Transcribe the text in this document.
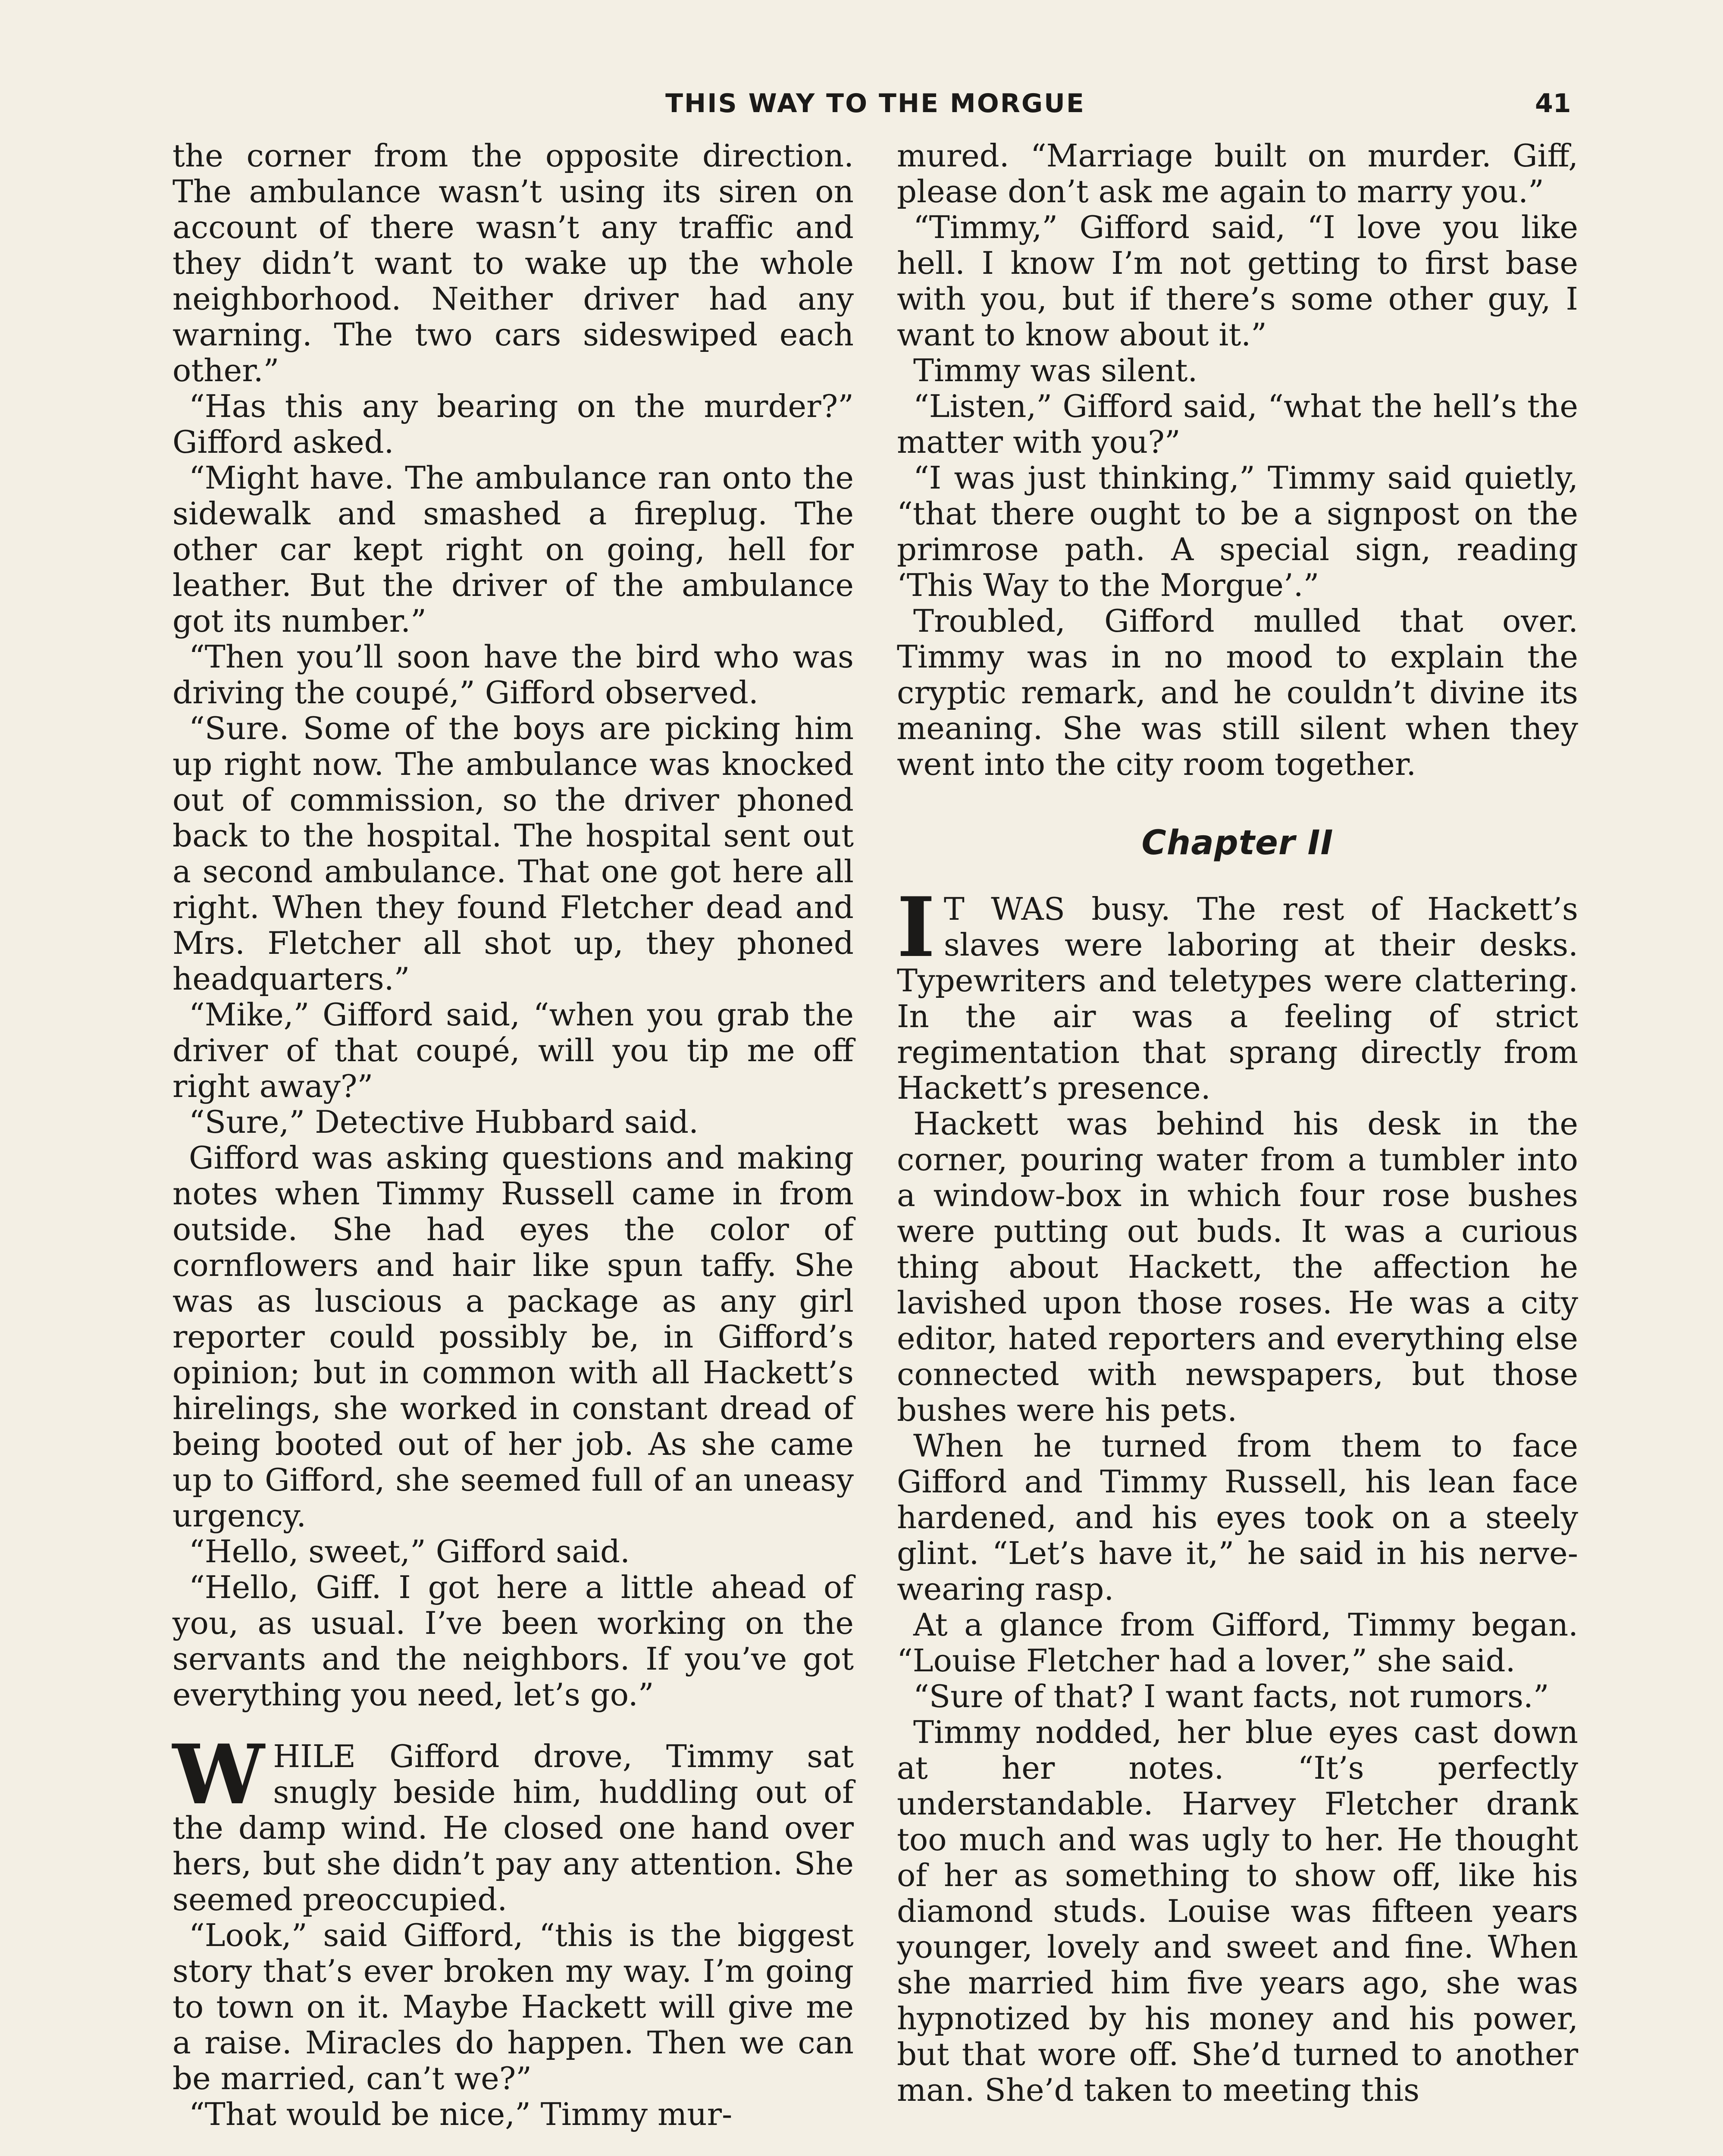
THIS WAY TO THE MORGUE	41

the corner from the opposite direction. The ambulance wasn’t using its siren on account of there wasn’t any traffic and they didn’t want to wake up the whole neighborhood. Neither driver had any warning. The two cars sideswiped each other.”

“Has this any bearing on the murder?” Gifford asked.

“Might have. The ambulance ran onto the sidewalk and smashed a fireplug. The other car kept right on going, hell for leather. But the driver of the ambulance got its number.”

“Then you’ll soon have the bird who was driving the coupé,” Gifford observed.

“Sure. Some of the boys are picking him up right now. The ambulance was knocked out of commission, so the driver phoned back to the hospital. The hospital sent out a second ambulance. That one got here all right. When they found Fletcher dead and Mrs. Fletcher all shot up, they phoned headquarters.”

“Mike,” Gifford said, “when you grab the driver of that coupé, will you tip me off right away?”

“Sure,” Detective Hubbard said.

Gifford was asking questions and making notes when Timmy Russell came in from outside. She had eyes the color of cornflowers and hair like spun taffy. She was as luscious a package as any girl reporter could possibly be, in Gifford’s opinion; but in common with all Hackett’s hirelings, she worked in constant dread of being booted out of her job. As she came up to Gifford, she seemed full of an uneasy urgency.

“Hello, sweet,” Gifford said.

“Hello, Giff. I got here a little ahead of you, as usual. I’ve been working on the servants and the neighbors. If you’ve got everything you need, let’s go.”

WHILE Gifford drove, Timmy sat snugly beside him, huddling out of the damp wind. He closed one hand over hers, but she didn’t pay any attention. She seemed preoccupied.

“Look,” said Gifford, “this is the biggest story that’s ever broken my way. I’m going to town on it. Maybe Hackett will give me a raise. Miracles do happen. Then we can be married, can’t we?”

“That would be nice,” Timmy mur-

mured. “Marriage built on murder. Giff, please don’t ask me again to marry you.”

“Timmy,” Gifford said, “I love you like hell. I know I’m not getting to first base with you, but if there’s some other guy, I want to know about it.”

Timmy was silent.

“Listen,” Gifford said, “what the hell’s the matter with you?”

“I was just thinking,” Timmy said quietly, “that there ought to be a signpost on the primrose path. A special sign, reading ‘This Way to the Morgue’.”

Troubled, Gifford mulled that over. Timmy was in no mood to explain the cryptic remark, and he couldn’t divine its meaning. She was still silent when they went into the city room together.

Chapter II

I T WAS busy. The rest of Hackett’s slaves were laboring at their desks. Typewriters and teletypes were clattering. In the air was a feeling of strict regimentation that sprang directly from Hackett’s presence.

Hackett was behind his desk in the corner, pouring water from a tumbler into a window-box in which four rose bushes were putting out buds. It was a curious thing about Hackett, the affection he lavished upon those roses. He was a city editor, hated reporters and everything else connected with newspapers, but those bushes were his pets.

When he turned from them to face Gifford and Timmy Russell, his lean face hardened, and his eyes took on a steely glint. “Let’s have it,” he said in his nerve-wearing rasp.

At a glance from Gifford, Timmy began. “Louise Fletcher had a lover,” she said.

“Sure of that? I want facts, not rumors.”

Timmy nodded, her blue eyes cast down at her notes. “It’s perfectly understandable. Harvey Fletcher drank too much and was ugly to her. He thought of her as something to show off, like his diamond studs. Louise was fifteen years younger, lovely and sweet and fine. When she married him five years ago, she was hypnotized by his money and his power, but that wore off. She’d turned to another man. She’d taken to meeting this
